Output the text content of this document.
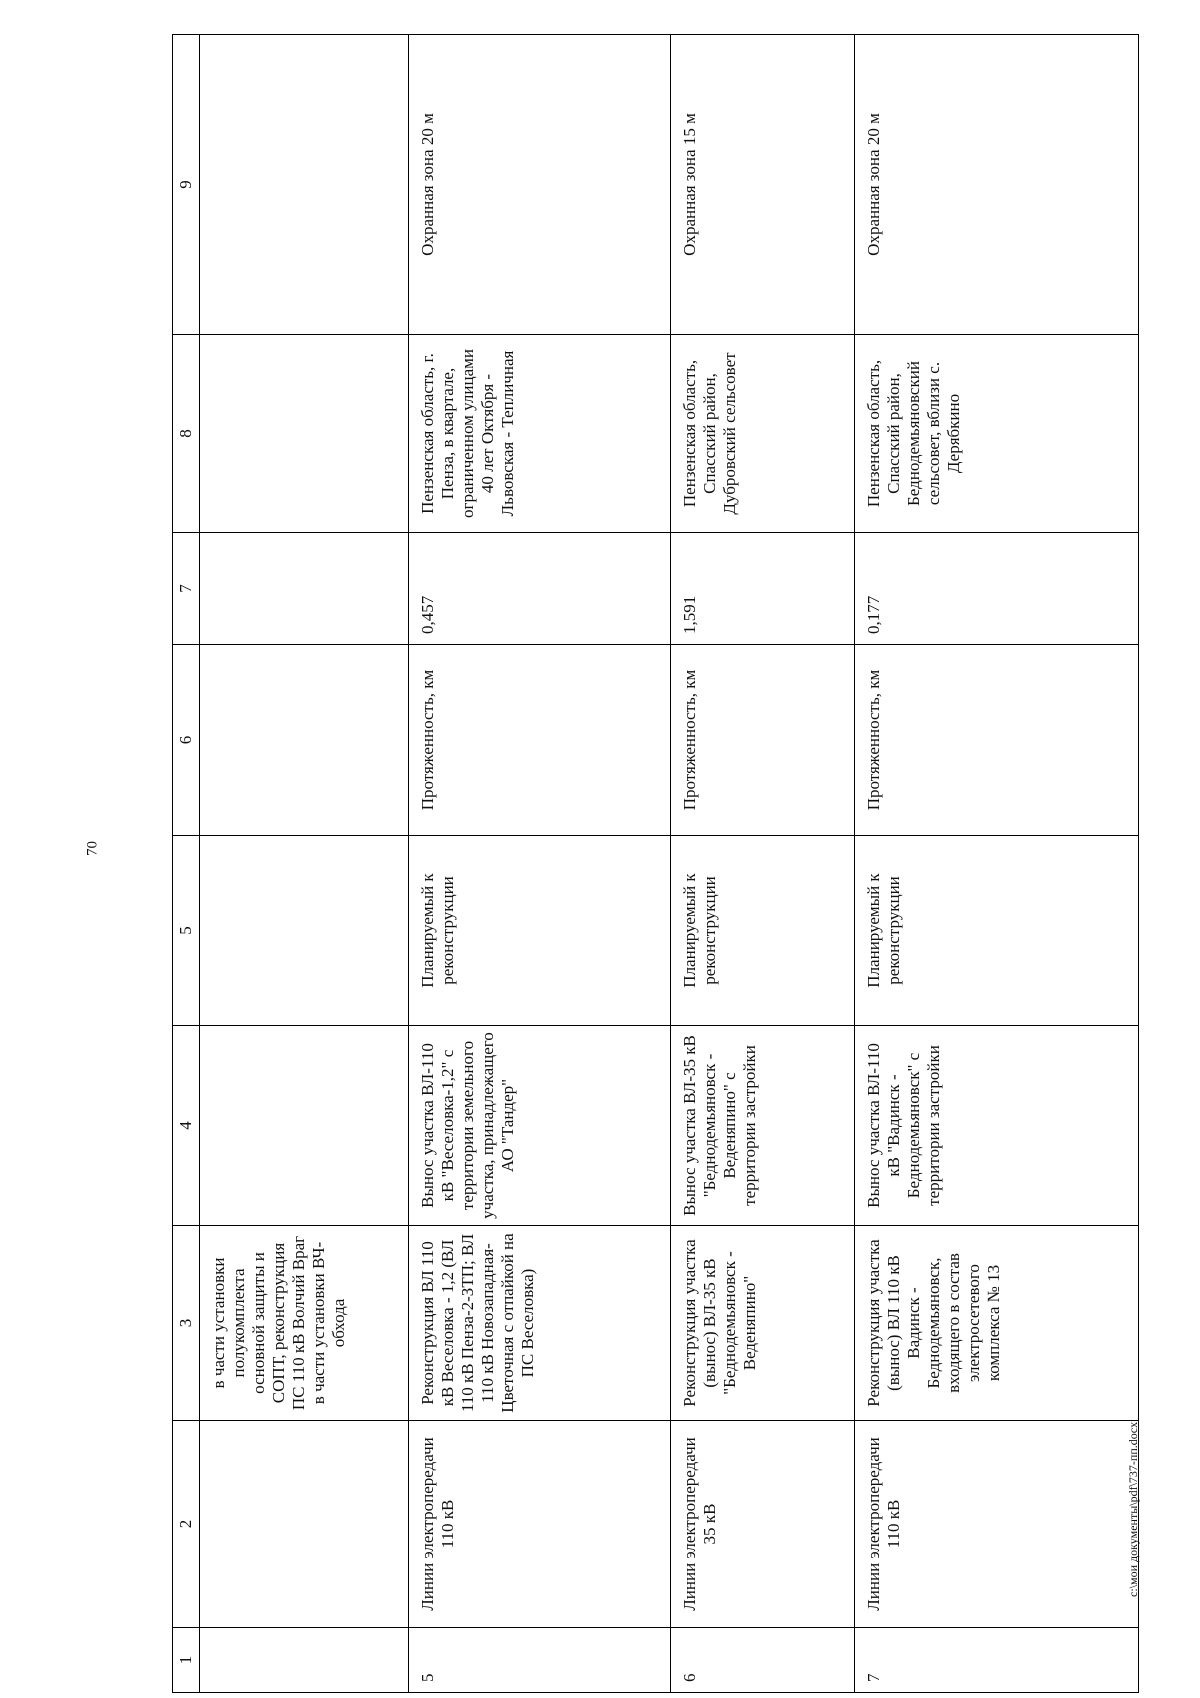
70
1	2	3	4	5	6	7	8	9
		в части установки полукомплекта основной защиты и СОПТ, реконструкция ПС 110 кВ Волчий Враг в части установки ВЧ-обхода						
5	Линии электропередачи 110 кВ	Реконструкция ВЛ 110 кВ Веселовка - 1,2 (ВЛ 110 кВ Пенза-2-ЗТП; ВЛ 110 кВ Новозападная-Цветочная с отпайкой на ПС Веселовка)	Вынос участка ВЛ-110 кВ "Веселовка-1,2" с территории земельного участка, принадлежащего АО "Тандер"	Планируемый к реконструкции	Протяженность, км	0,457	Пензенская область, г. Пенза, в квартале, ограниченном улицами 40 лет Октября - Львовская - Тепличная	Охранная зона 20 м
6	Линии электропередачи 35 кВ	Реконструкция участка (вынос) ВЛ-35 кВ "Беднодемьяновск - Веденяпино"	Вынос участка ВЛ-35 кВ "Беднодемьяновск - Веденяпино" с территории застройки	Планируемый к реконструкции	Протяженность, км	1,591	Пензенская область, Спасский район, Дубровский сельсовет	Охранная зона 15 м
7	Линии электропередачи 110 кВ	Реконструкция участка (вынос) ВЛ 110 кВ Вадинск - Беднодемьяновск, входящего в состав электросетевого комплекса № 13	Вынос участка ВЛ-110 кВ "Вадинск - Беднодемьяновск" с территории застройки	Планируемый к реконструкции	Протяженность, км	0,177	Пензенская область, Спасский район, Беднодемьяновский сельсовет, вблизи с. Дерябкино	Охранная зона 20 м
c:\мои документы\pdf\737-пп.docx
